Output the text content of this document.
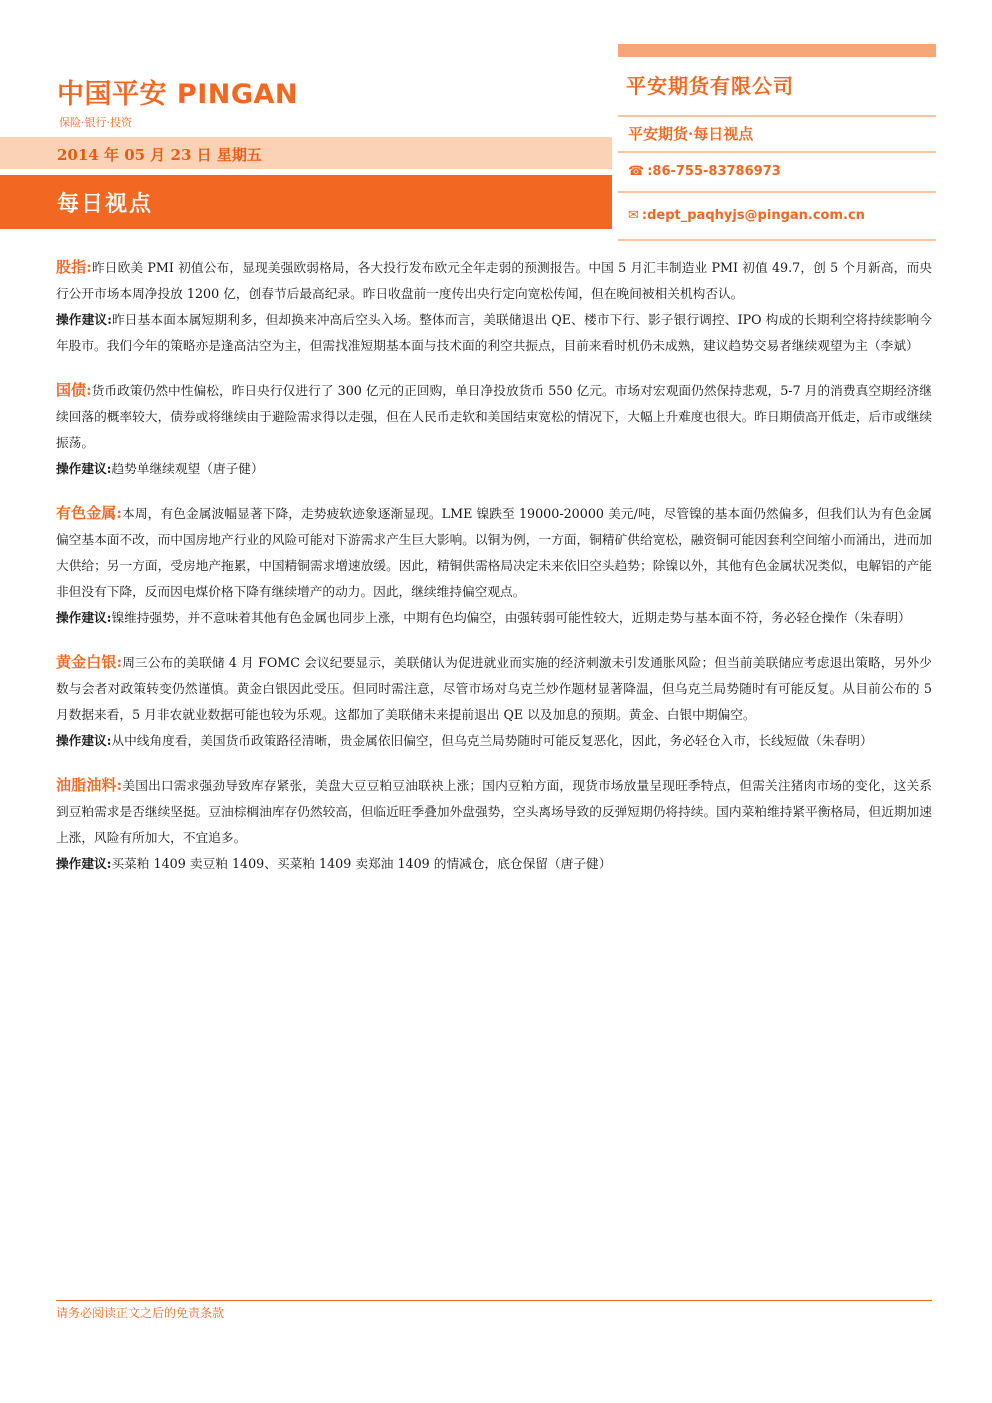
中国平安 PINGAN
保险·银行·投资
2014 年 05 月 23 日 星期五
每日视点
平安期货有限公司
平安期货·每日视点
☎ :86-755-83786973
✉ :dept_paqhyjs@pingan.com.cn

股指:昨日欧美 PMI 初值公布，显现美强欧弱格局，各大投行发布欧元全年走弱的预测报告。中国 5 月汇丰制造业 PMI 初值 49.7，创 5 个月新高，而央行公开市场本周净投放 1200 亿，创春节后最高纪录。昨日收盘前一度传出央行定向宽松传闻，但在晚间被相关机构否认。

操作建议:昨日基本面本属短期利多，但却换来冲高后空头入场。整体而言，美联储退出 QE、楼市下行、影子银行调控、IPO 构成的长期利空将持续影响今年股市。我们今年的策略亦是逢高沽空为主，但需找准短期基本面与技术面的利空共振点，目前来看时机仍未成熟，建议趋势交易者继续观望为主（李斌）

国债:货币政策仍然中性偏松，昨日央行仅进行了 300 亿元的正回购，单日净投放货币 550 亿元。市场对宏观面仍然保持悲观，5-7 月的消费真空期经济继续回落的概率较大，债券或将继续由于避险需求得以走强，但在人民币走软和美国结束宽松的情况下，大幅上升难度也很大。昨日期债高开低走，后市或继续振荡。

操作建议:趋势单继续观望（唐子健）

有色金属:本周，有色金属波幅显著下降，走势疲软迹象逐渐显现。LME 镍跌至 19000-20000 美元/吨，尽管镍的基本面仍然偏多，但我们认为有色金属偏空基本面不改，而中国房地产行业的风险可能对下游需求产生巨大影响。以铜为例，一方面，铜精矿供给宽松，融资铜可能因套利空间缩小而涌出，进而加大供给；另一方面，受房地产拖累，中国精铜需求增速放缓。因此，精铜供需格局决定未来依旧空头趋势；除镍以外，其他有色金属状况类似，电解铝的产能非但没有下降，反而因电煤价格下降有继续增产的动力。因此，继续维持偏空观点。

操作建议:镍维持强势，并不意味着其他有色金属也同步上涨，中期有色均偏空，由强转弱可能性较大，近期走势与基本面不符，务必轻仓操作（朱春明）

黄金白银:周三公布的美联储 4 月 FOMC 会议纪要显示，美联储认为促进就业而实施的经济刺激未引发通胀风险；但当前美联储应考虑退出策略，另外少数与会者对政策转变仍然谨慎。黄金白银因此受压。但同时需注意，尽管市场对乌克兰炒作题材显著降温，但乌克兰局势随时有可能反复。从目前公布的 5 月数据来看，5 月非农就业数据可能也较为乐观。这都加了美联储未来提前退出 QE 以及加息的预期。黄金、白银中期偏空。

操作建议:从中线角度看，美国货币政策路径清晰，贵金属依旧偏空，但乌克兰局势随时可能反复恶化，因此，务必轻仓入市，长线短做（朱春明）

油脂油料:美国出口需求强劲导致库存紧张，美盘大豆豆粕豆油联袂上涨；国内豆粕方面，现货市场放量呈现旺季特点，但需关注猪肉市场的变化，这关系到豆粕需求是否继续坚挺。豆油棕榈油库存仍然较高，但临近旺季叠加外盘强势，空头离场导致的反弹短期仍将持续。国内菜粕维持紧平衡格局，但近期加速上涨，风险有所加大，不宜追多。

操作建议:买菜粕 1409 卖豆粕 1409、买菜粕 1409 卖郑油 1409 的情减仓，底仓保留（唐子健）

请务必阅读正文之后的免责条款
